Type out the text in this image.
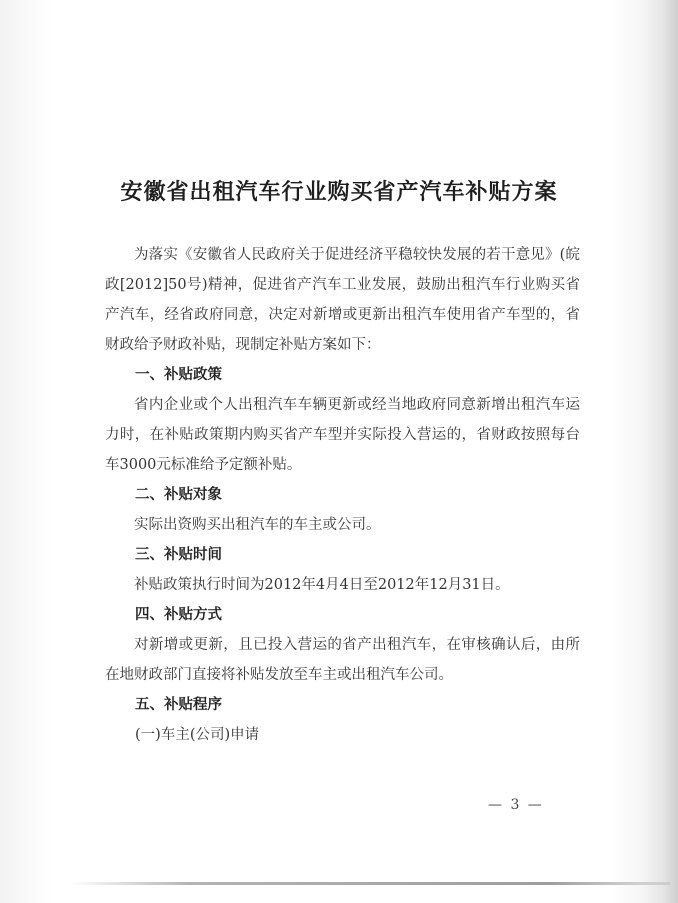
安徽省出租汽车行业购买省产汽车补贴方案

为落实《安徽省人民政府关于促进经济平稳较快发展的若干意见》(皖政[2012]50号)精神，促进省产汽车工业发展，鼓励出租汽车行业购买省产汽车，经省政府同意，决定对新增或更新出租汽车使用省产车型的，省财政给予财政补贴，现制定补贴方案如下：

一、补贴政策

省内企业或个人出租汽车车辆更新或经当地政府同意新增出租汽车运力时，在补贴政策期内购买省产车型并实际投入营运的，省财政按照每台车3000元标准给予定额补贴。

二、补贴对象

实际出资购买出租汽车的车主或公司。

三、补贴时间

补贴政策执行时间为2012年4月4日至2012年12月31日。

四、补贴方式

对新增或更新，且已投入营运的省产出租汽车，在审核确认后，由所在地财政部门直接将补贴发放至车主或出租汽车公司。

五、补贴程序

(一)车主(公司)申请

— 3 —
